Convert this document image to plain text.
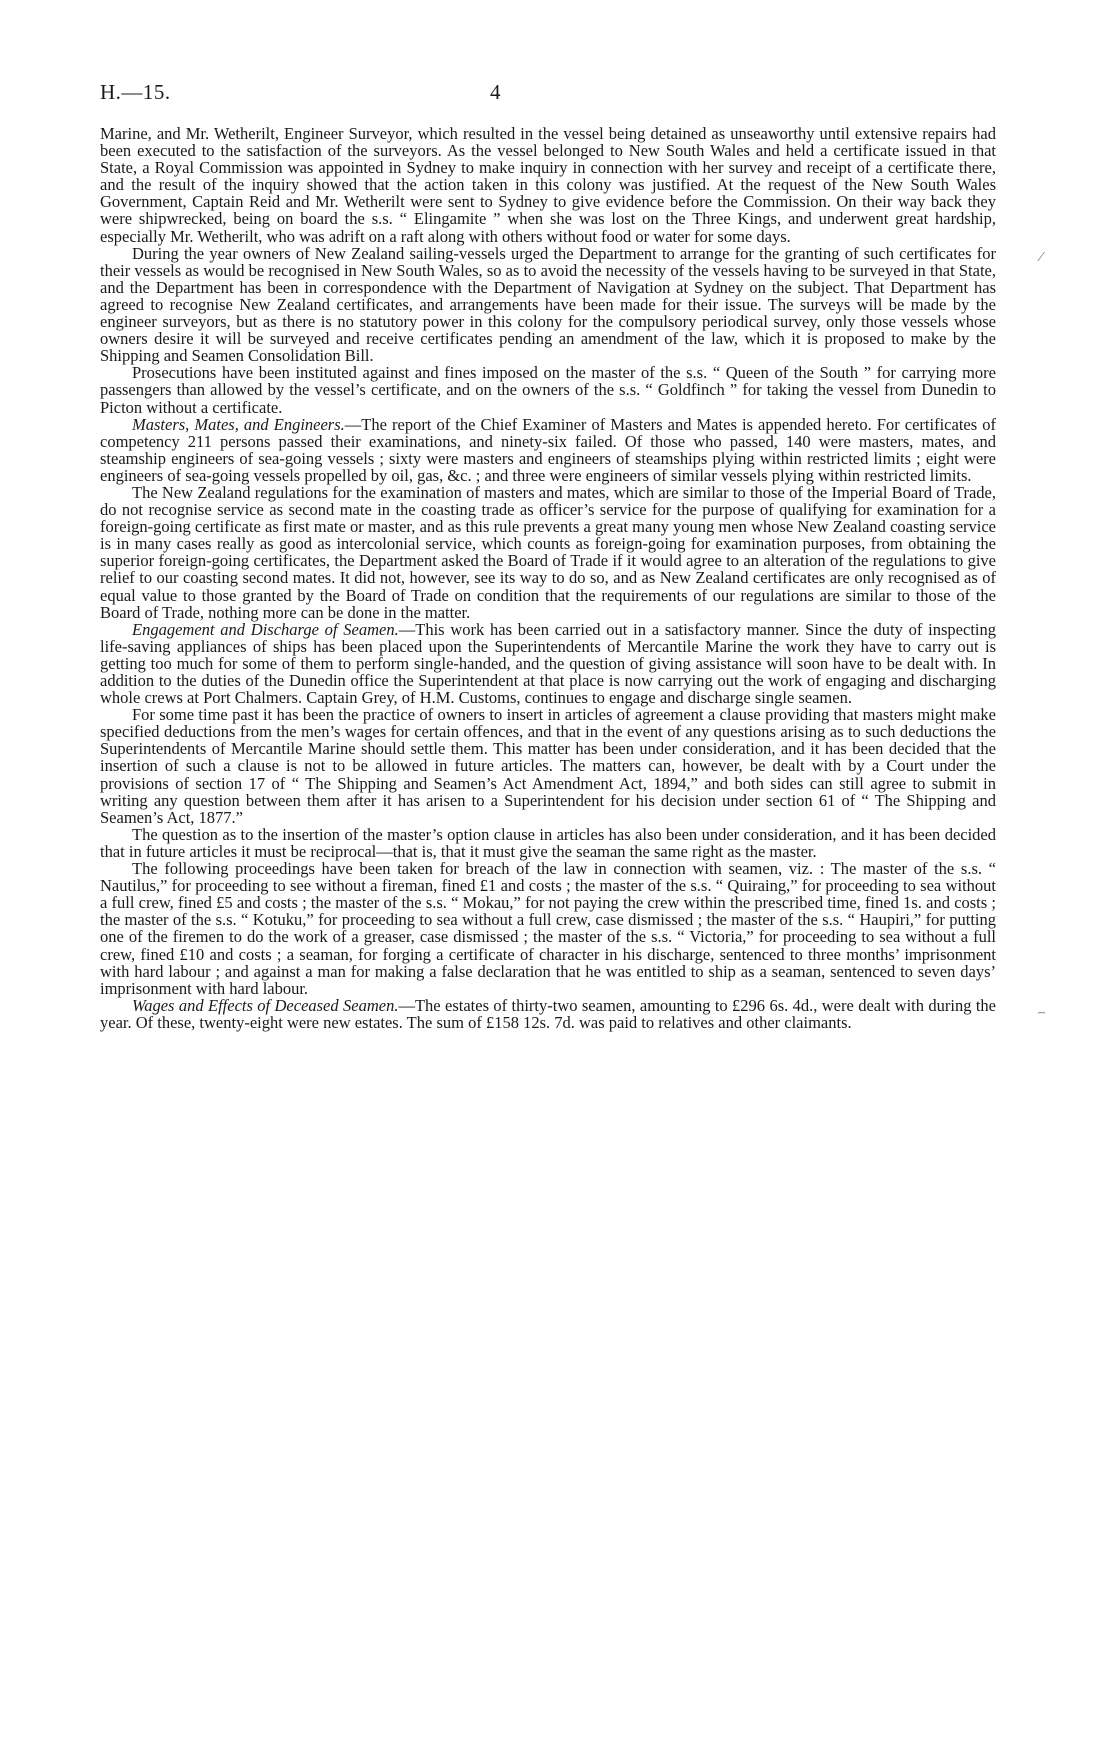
H.—15.	4
⁄
–

Marine, and Mr. Wetherilt, Engineer Surveyor, which resulted in the vessel being detained as unseaworthy until extensive repairs had been executed to the satisfaction of the surveyors. As the vessel belonged to New South Wales and held a certificate issued in that State, a Royal Commission was appointed in Sydney to make inquiry in connection with her survey and receipt of a certificate there, and the result of the inquiry showed that the action taken in this colony was justified. At the request of the New South Wales Government, Captain Reid and Mr. Wetherilt were sent to Sydney to give evidence before the Commission. On their way back they were shipwrecked, being on board the s.s. “ Elingamite ” when she was lost on the Three Kings, and underwent great hardship, especially Mr. Wetherilt, who was adrift on a raft along with others without food or water for some days.

During the year owners of New Zealand sailing-vessels urged the Department to arrange for the granting of such certificates for their vessels as would be recognised in New South Wales, so as to avoid the necessity of the vessels having to be surveyed in that State, and the Department has been in correspondence with the Department of Navigation at Sydney on the subject. That Department has agreed to recognise New Zealand certificates, and arrangements have been made for their issue. The surveys will be made by the engineer surveyors, but as there is no statutory power in this colony for the compulsory periodical survey, only those vessels whose owners desire it will be surveyed and receive certificates pending an amendment of the law, which it is proposed to make by the Shipping and Seamen Consolidation Bill.

Prosecutions have been instituted against and fines imposed on the master of the s.s. “ Queen of the South ” for carrying more passengers than allowed by the vessel’s certificate, and on the owners of the s.s. “ Goldfinch ” for taking the vessel from Dunedin to Picton without a certificate.

Masters, Mates, and Engineers.—The report of the Chief Examiner of Masters and Mates is appended hereto. For certificates of competency 211 persons passed their examinations, and ninety-six failed. Of those who passed, 140 were masters, mates, and steamship engineers of sea-going vessels ; sixty were masters and engineers of steamships plying within restricted limits ; eight were engineers of sea-going vessels propelled by oil, gas, &c. ; and three were engineers of similar vessels plying within restricted limits.

The New Zealand regulations for the examination of masters and mates, which are similar to those of the Imperial Board of Trade, do not recognise service as second mate in the coasting trade as officer’s service for the purpose of qualifying for examination for a foreign-going certificate as first mate or master, and as this rule prevents a great many young men whose New Zealand coasting service is in many cases really as good as intercolonial service, which counts as foreign-going for examination purposes, from obtaining the superior foreign-going certificates, the Department asked the Board of Trade if it would agree to an alteration of the regulations to give relief to our coasting second mates. It did not, however, see its way to do so, and as New Zealand certificates are only recognised as of equal value to those granted by the Board of Trade on condition that the requirements of our regulations are similar to those of the Board of Trade, nothing more can be done in the matter.

Engagement and Discharge of Seamen.—This work has been carried out in a satisfactory manner. Since the duty of inspecting life-saving appliances of ships has been placed upon the Superintendents of Mercantile Marine the work they have to carry out is getting too much for some of them to perform single-handed, and the question of giving assistance will soon have to be dealt with. In addition to the duties of the Dunedin office the Superintendent at that place is now carrying out the work of engaging and discharging whole crews at Port Chalmers. Captain Grey, of H.M. Customs, continues to engage and discharge single seamen.

For some time past it has been the practice of owners to insert in articles of agreement a clause providing that masters might make specified deductions from the men’s wages for certain offences, and that in the event of any questions arising as to such deductions the Superintendents of Mercantile Marine should settle them. This matter has been under consideration, and it has been decided that the insertion of such a clause is not to be allowed in future articles. The matters can, however, be dealt with by a Court under the provisions of section 17 of “ The Shipping and Seamen’s Act Amendment Act, 1894,” and both sides can still agree to submit in writing any question between them after it has arisen to a Superintendent for his decision under section 61 of “ The Shipping and Seamen’s Act, 1877.”

The question as to the insertion of the master’s option clause in articles has also been under consideration, and it has been decided that in future articles it must be reciprocal—that is, that it must give the seaman the same right as the master.

The following proceedings have been taken for breach of the law in connection with seamen, viz. : The master of the s.s. “ Nautilus,” for proceeding to see without a fireman, fined £1 and costs ; the master of the s.s. “ Quiraing,” for proceeding to sea without a full crew, fined £5 and costs ; the master of the s.s. “ Mokau,” for not paying the crew within the prescribed time, fined 1s. and costs ; the master of the s.s. “ Kotuku,” for proceeding to sea without a full crew, case dismissed ; the master of the s.s. “ Haupiri,” for putting one of the firemen to do the work of a greaser, case dismissed ; the master of the s.s. “ Victoria,” for proceeding to sea without a full crew, fined £10 and costs ; a seaman, for forging a certificate of character in his discharge, sentenced to three months’ imprisonment with hard labour ; and against a man for making a false declaration that he was entitled to ship as a seaman, sentenced to seven days’ imprisonment with hard labour.

Wages and Effects of Deceased Seamen.—The estates of thirty-two seamen, amounting to £296 6s. 4d., were dealt with during the year. Of these, twenty-eight were new estates. The sum of £158 12s. 7d. was paid to relatives and other claimants.
